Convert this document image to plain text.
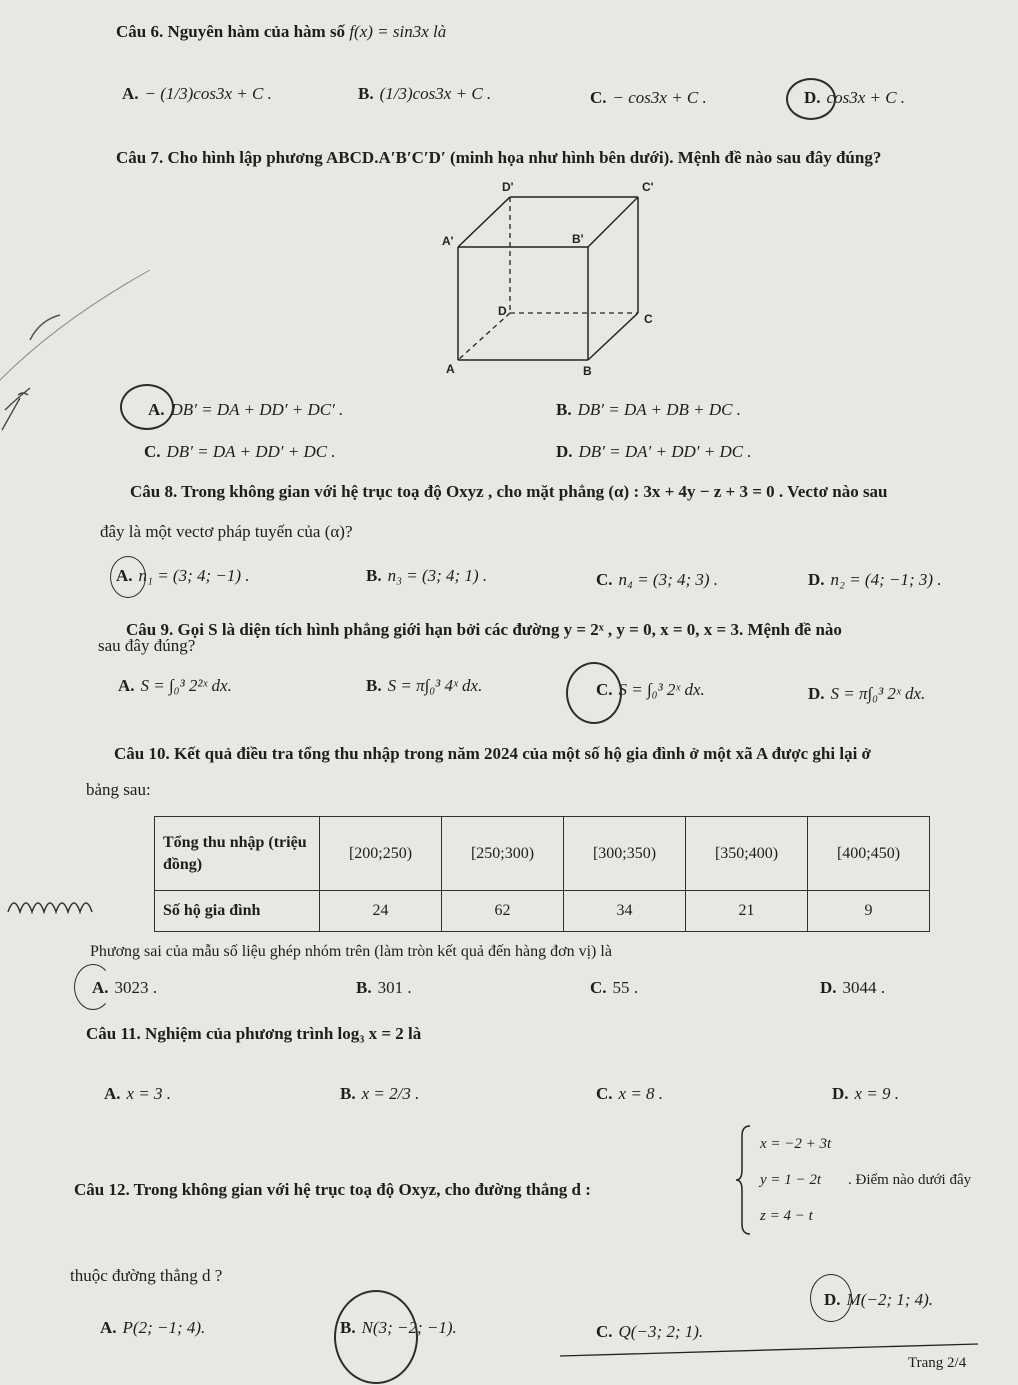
Câu 6. Nguyên hàm của hàm số f(x) = sin3x là
A. − (1/3)cos3x + C .	B. (1/3)cos3x + C .	C. − cos3x + C .	D. cos3x + C .
Câu 7. Cho hình lập phương ABCD.A′B′C′D′ (minh họa như hình bên dưới). Mệnh đề nào sau đây đúng?
D'	C'
A'	B'
D
C
A	B
A. DB′ = DA + DD′ + DC′ .	B. DB′ = DA + DB + DC .
C. DB′ = DA + DD′ + DC .	D. DB′ = DA′ + DD′ + DC .
Câu 8. Trong không gian với hệ trục toạ độ Oxyz , cho mặt phẳng (α) : 3x + 4y − z + 3 = 0 . Vectơ nào sau
đây là một vectơ pháp tuyến của (α)?
A. n₁ = (3; 4; −1) .	B. n₃ = (3; 4; 1) .	C. n₄ = (3; 4; 3) .	D. n₂ = (4; −1; 3) .
Câu 9. Gọi S là diện tích hình phẳng giới hạn bởi các đường y = 2ˣ , y = 0, x = 0, x = 3. Mệnh đề nào
sau đây đúng?
A. S = ∫₀³ 2²ˣ dx.	B. S = π∫₀³ 4ˣ dx.	C. S = ∫₀³ 2ˣ dx.	D. S = π∫₀³ 2ˣ dx.
Câu 10. Kết quả điều tra tổng thu nhập trong năm 2024 của một số hộ gia đình ở một xã A được ghi lại ở
bảng sau:
Tổng thu nhập (triệu đồng)	[200;250)	[250;300)	[300;350)	[350;400)	[400;450)
Số hộ gia đình	24	62	34	21	9
Phương sai của mẫu số liệu ghép nhóm trên (làm tròn kết quả đến hàng đơn vị) là
A. 3023 .	B. 301 .	C. 55 .	D. 3044 .
Câu 11. Nghiệm của phương trình log₃ x = 2 là
A. x = 3 .	B. x = 2/3 .	C. x = 8 .	D. x = 9 .
Câu 12. Trong không gian với hệ trục toạ độ Oxyz, cho đường thẳng d :
x = −2 + 3t
y = 1 − 2t
z = 4 − t
. Điểm nào dưới đây
thuộc đường thẳng d ?
A. P(2; −1; 4).	B. N(3; −2; −1).	C. Q(−3; 2; 1).
D. M(−2; 1; 4).
Trang 2/4
